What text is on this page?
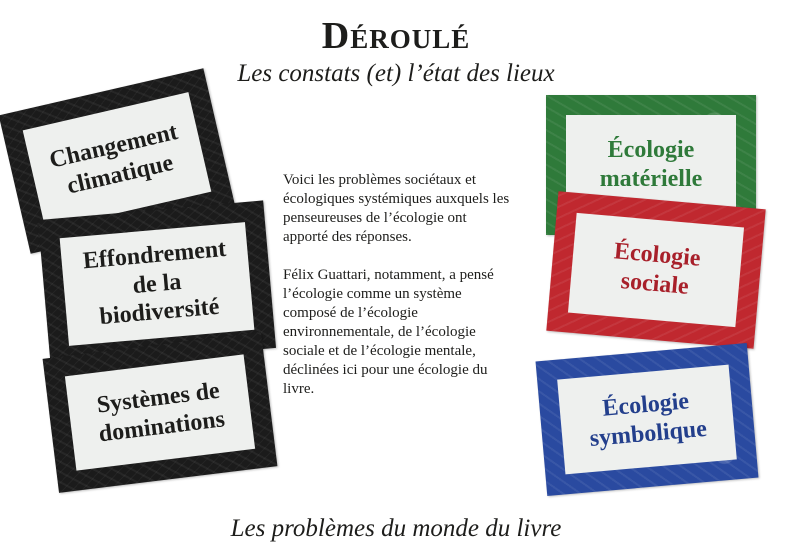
Déroulé
Les constats (et) l’état des lieux
Changement climatique
Effondrement de la biodiversité
Systèmes de dominations

Voici les problèmes sociétaux et écologiques systémiques auxquels les penseureuses de l’écologie ont apporté des réponses.

Félix Guattari, notamment, a pensé l’écologie comme un système composé de l’écologie environnementale, de l’écologie sociale et de l’écologie mentale, déclinées ici pour une écologie du livre.

Écologie matérielle
Écologie sociale
Écologie symbolique
Les problèmes du monde du livre
